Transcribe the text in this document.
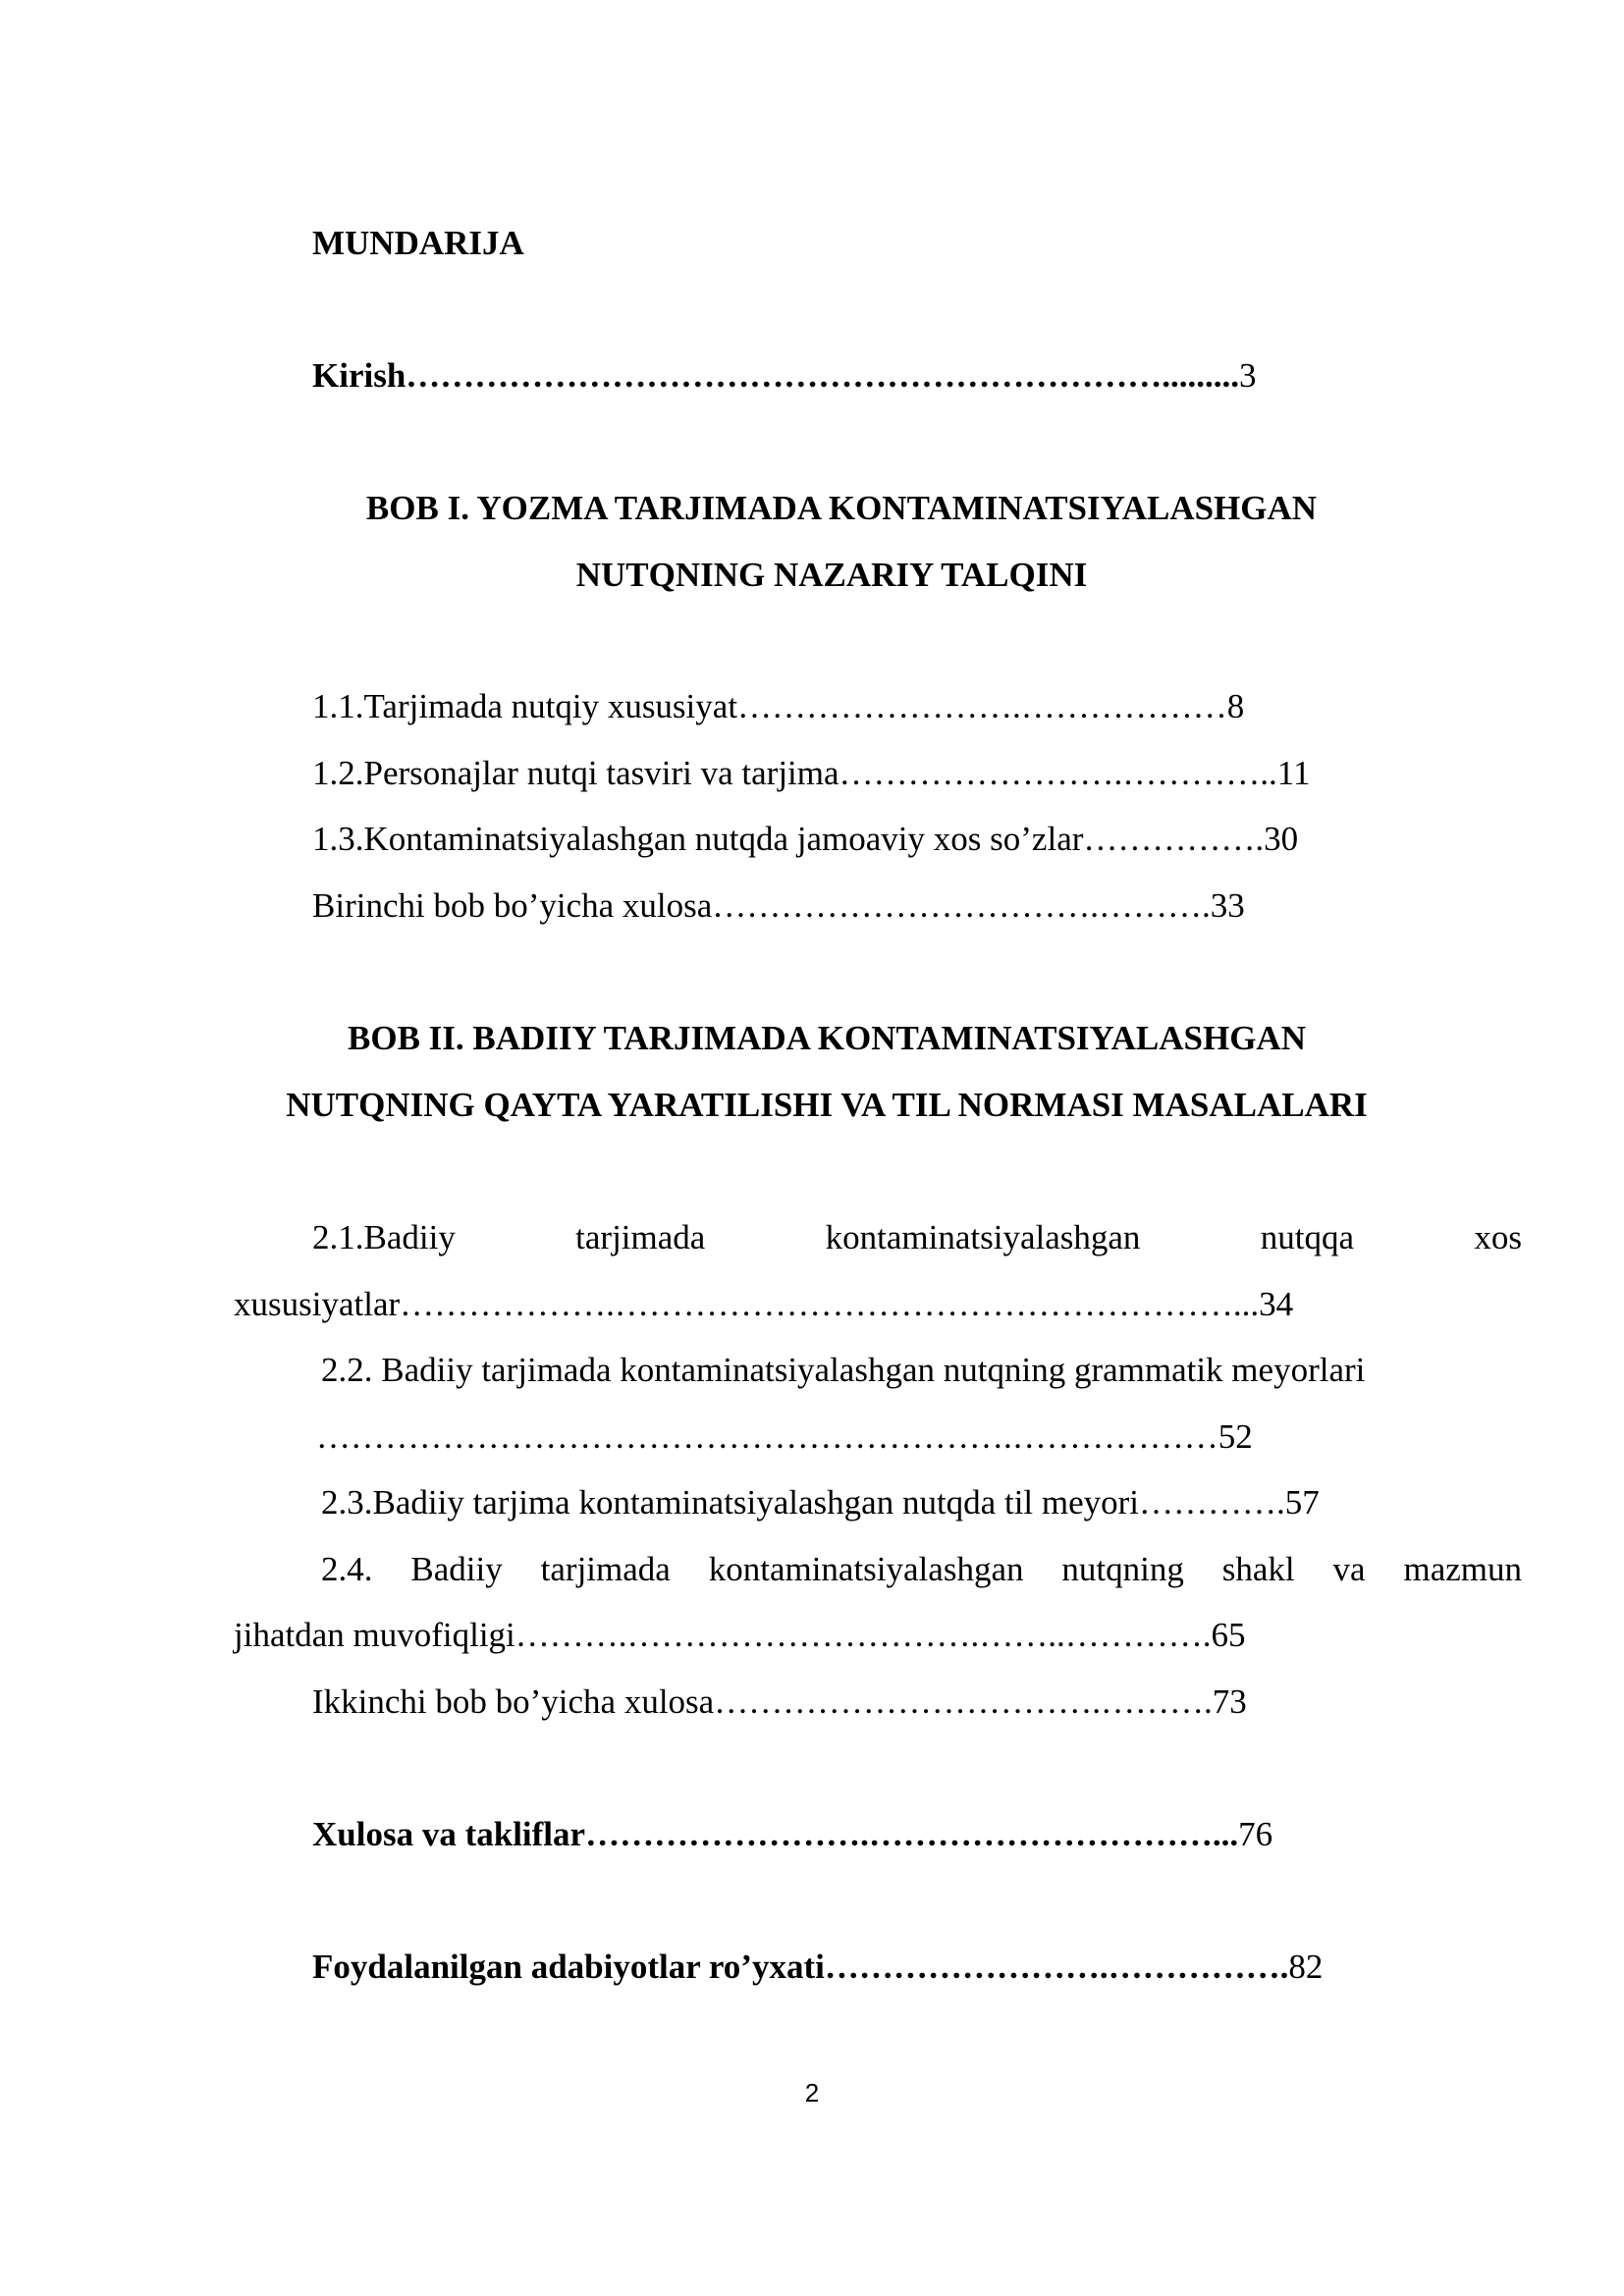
MUNDARIJA
Kirish………………………………………………………….........3
BOB I. YOZMA TARJIMADA KONTAMINATSIYALASHGAN
NUTQNING NAZARIY TALQINI
1.1.Tarjimada nutqiy xususiyat…………………….………………8
1.2.Personajlar nutqi tasviri va tarjima…………………….…………..11
1.3.Kontaminatsiyalashgan nutqda jamoaviy xos so’zlar…………….30
Birinchi bob bo’yicha xulosa…………………………….……….33
BOB II. BADIIY TARJIMADA KONTAMINATSIYALASHGAN
NUTQNING QAYTA YARATILISHI VA TIL NORMASI MASALALARI
2.1.Badiiy	tarjimada	kontaminatsiyalashgan	nutqqa	xos
xususiyatlar……………….………………………………………………...34
2.2. Badiiy tarjimada kontaminatsiyalashgan nutqning grammatik meyorlari
…………………………………………………….………………52
2.3.Badiiy tarjima kontaminatsiyalashgan nutqda til meyori………….57
2.4. Badiiy tarjimada kontaminatsiyalashgan nutqning shakl va mazmun
jihatdan muvofiqligi……….………………………….……..………….65
Ikkinchi bob bo’yicha xulosa…………………………….……….73
Xulosa va takliflar…………………….…………………………...76
Foydalanilgan adabiyotlar ro’yxati…………………….…………….82
2
